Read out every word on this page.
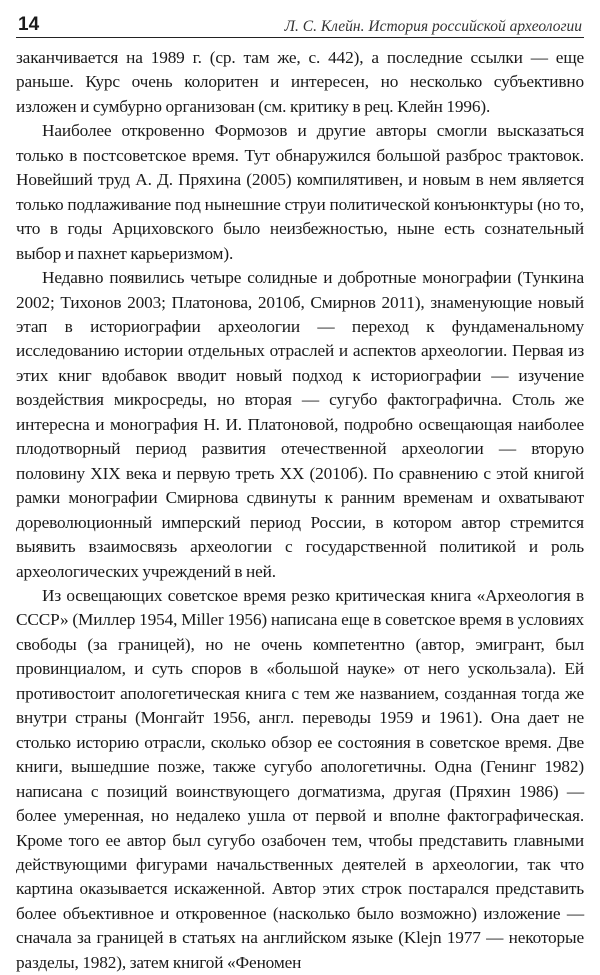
14	Л. С. Клейн. История российской археологии

заканчивается на 1989 г. (ср. там же, с. 442), а последние ссылки — еще раньше. Курс очень колоритен и интересен, но несколько субъективно изложен и сумбурно организован (см. критику в рец. Клейн 1996).

Наиболее откровенно Формозов и другие авторы смогли высказаться только в постсоветское время. Тут обнаружился большой разброс трактовок. Новейший труд А. Д. Пряхина (2005) компилятивен, и новым в нем является только подлаживание под нынешние струи политической конъюнктуры (но то, что в годы Арциховского было неизбежностью, ныне есть сознательный выбор и пахнет карьеризмом).

Недавно появились четыре солидные и добротные монографии (Тункина 2002; Тихонов 2003; Платонова, 2010б, Смирнов 2011), знаменующие новый этап в историографии археологии — переход к фундаменальному исследованию истории отдельных отраслей и аспектов археологии. Первая из этих книг вдобавок вводит новый подход к историографии — изучение воздействия микросреды, но вторая — сугубо фактографична. Столь же интересна и монография Н. И. Платоновой, подробно освещающая наиболее плодотворный период развития отечественной археологии — вторую половину XIX века и первую треть XX (2010б). По сравнению с этой книгой рамки монографии Смирнова сдвинуты к ранним временам и охватывают дореволюционный имперский период России, в котором автор стремится выявить взаимосвязь археологии с государственной политикой и роль археологических учреждений в ней.

Из освещающих советское время резко критическая книга «Археология в СССР» (Миллер 1954, Miller 1956) написана еще в советское время в условиях свободы (за границей), но не очень компетентно (автор, эмигрант, был провинциалом, и суть споров в «большой науке» от него ускользала). Ей противостоит апологетическая книга с тем же названием, созданная тогда же внутри страны (Монгайт 1956, англ. переводы 1959 и 1961). Она дает не столько историю отрасли, сколько обзор ее состояния в советское время. Две книги, вышедшие позже, также сугубо апологетичны. Одна (Генинг 1982) написана с позиций воинствующего догматизма, другая (Пряхин 1986) — более умеренная, но недалеко ушла от первой и вполне фактографическая. Кроме того ее автор был сугубо озабочен тем, чтобы представить главными действующими фигурами начальственных деятелей в археологии, так что картина оказывается искаженной. Автор этих строк постарался представить более объективное и откровенное (насколько было возможно) изложение — сначала за границей в статьях на английском языке (Klejn 1977 — некоторые разделы, 1982), затем книгой «Феномен
